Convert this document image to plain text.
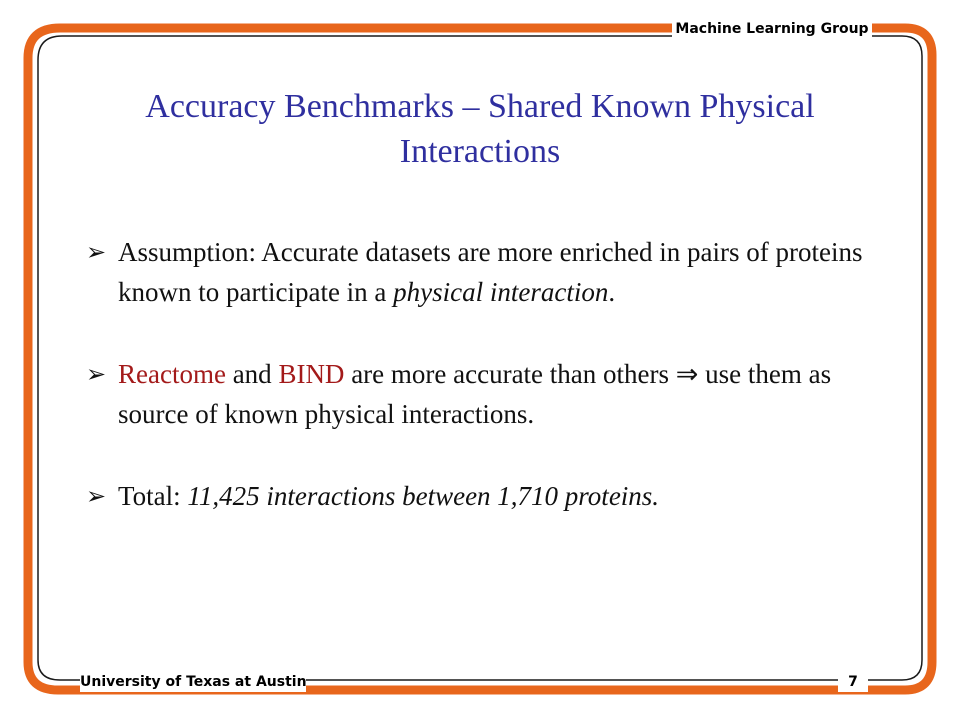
Machine Learning Group
University of Texas at Austin	7
Accuracy Benchmarks – Shared Known Physical Interactions
➢ Assumption: Accurate datasets are more enriched in pairs of proteins known to participate in a physical interaction.
➢ Reactome and BIND are more accurate than others ⇒ use them as source of known physical interactions.
➢ Total: 11,425 interactions between 1,710 proteins.
